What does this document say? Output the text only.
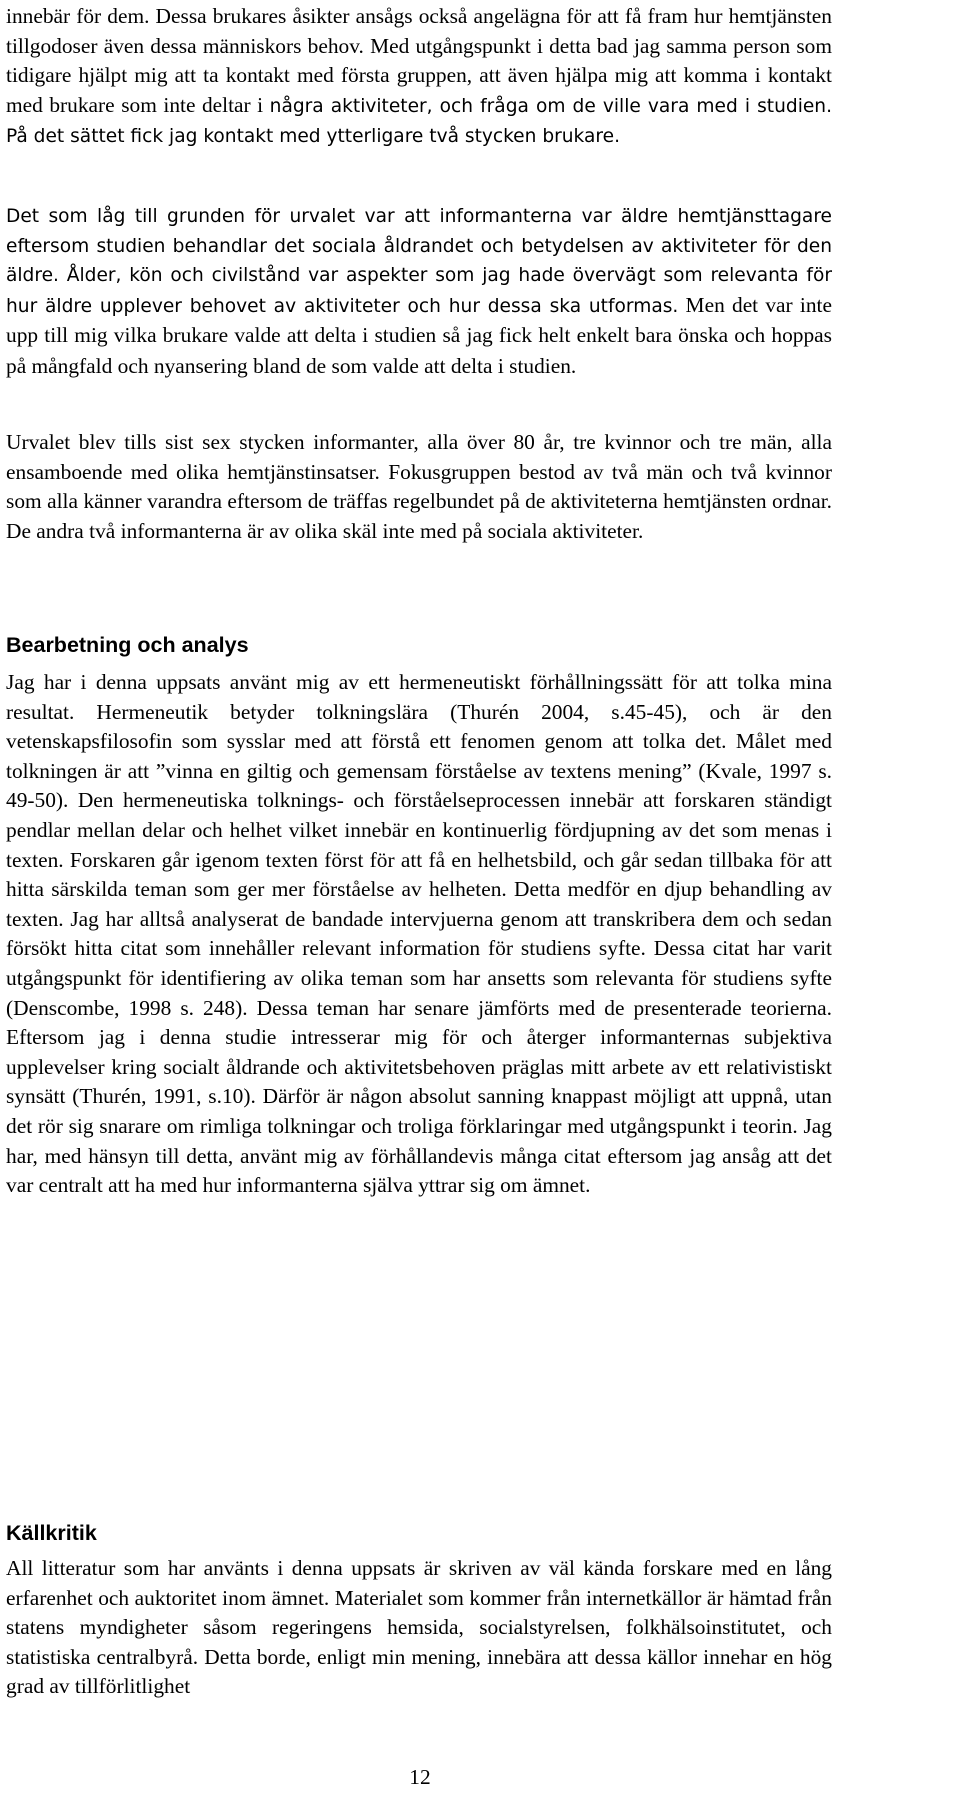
innebär för dem. Dessa brukares åsikter ansågs också angelägna för att få fram hur hemtjänsten tillgodoser även dessa människors behov. Med utgångspunkt i detta bad jag samma person som tidigare hjälpt mig att ta kontakt med första gruppen, att även hjälpa mig att komma i kontakt med brukare som inte deltar i några aktiviteter, och fråga om de ville vara med i studien. På det sättet fick jag kontakt med ytterligare två stycken brukare.

Det som låg till grunden för urvalet var att informanterna var äldre hemtjänsttagare eftersom studien behandlar det sociala åldrandet och betydelsen av aktiviteter för den äldre. Ålder, kön och civilstånd var aspekter som jag hade övervägt som relevanta för hur äldre upplever behovet av aktiviteter och hur dessa ska utformas. Men det var inte upp till mig vilka brukare valde att delta i studien så jag fick helt enkelt bara önska och hoppas på mångfald och nyansering bland de som valde att delta i studien.

Urvalet blev tills sist sex stycken informanter, alla över 80 år, tre kvinnor och tre män, alla ensamboende med olika hemtjänstinsatser. Fokusgruppen bestod av två män och två kvinnor som alla känner varandra eftersom de träffas regelbundet på de aktiviteterna hemtjänsten ordnar. De andra två informanterna är av olika skäl inte med på sociala aktiviteter.

Bearbetning och analys

Jag har i denna uppsats använt mig av ett hermeneutiskt förhållningssätt för att tolka mina resultat. Hermeneutik betyder tolkningslära (Thurén 2004, s.45-45), och är den vetenskapsfilosofin som sysslar med att förstå ett fenomen genom att tolka det. Målet med tolkningen är att ”vinna en giltig och gemensam förståelse av textens mening” (Kvale, 1997 s. 49-50). Den hermeneutiska tolknings- och förståelseprocessen innebär att forskaren ständigt pendlar mellan delar och helhet vilket innebär en kontinuerlig fördjupning av det som menas i texten. Forskaren går igenom texten först för att få en helhetsbild, och går sedan tillbaka för att hitta särskilda teman som ger mer förståelse av helheten. Detta medför en djup behandling av texten. Jag har alltså analyserat de bandade intervjuerna genom att transkribera dem och sedan försökt hitta citat som innehåller relevant information för studiens syfte. Dessa citat har varit utgångspunkt för identifiering av olika teman som har ansetts som relevanta för studiens syfte (Denscombe, 1998 s. 248). Dessa teman har senare jämförts med de presenterade teorierna. Eftersom jag i denna studie intresserar mig för och återger informanternas subjektiva upplevelser kring socialt åldrande och aktivitetsbehoven präglas mitt arbete av ett relativistiskt synsätt (Thurén, 1991, s.10). Därför är någon absolut sanning knappast möjligt att uppnå, utan det rör sig snarare om rimliga tolkningar och troliga förklaringar med utgångspunkt i teorin. Jag har, med hänsyn till detta, använt mig av förhållandevis många citat eftersom jag ansåg att det var centralt att ha med hur informanterna själva yttrar sig om ämnet.

Källkritik

All litteratur som har använts i denna uppsats är skriven av väl kända forskare med en lång erfarenhet och auktoritet inom ämnet. Materialet som kommer från internetkällor är hämtad från statens myndigheter såsom regeringens hemsida, socialstyrelsen, folkhälsoinstitutet, och statistiska centralbyrå. Detta borde, enligt min mening, innebära att dessa källor innehar en hög grad av tillförlitlighet

12
